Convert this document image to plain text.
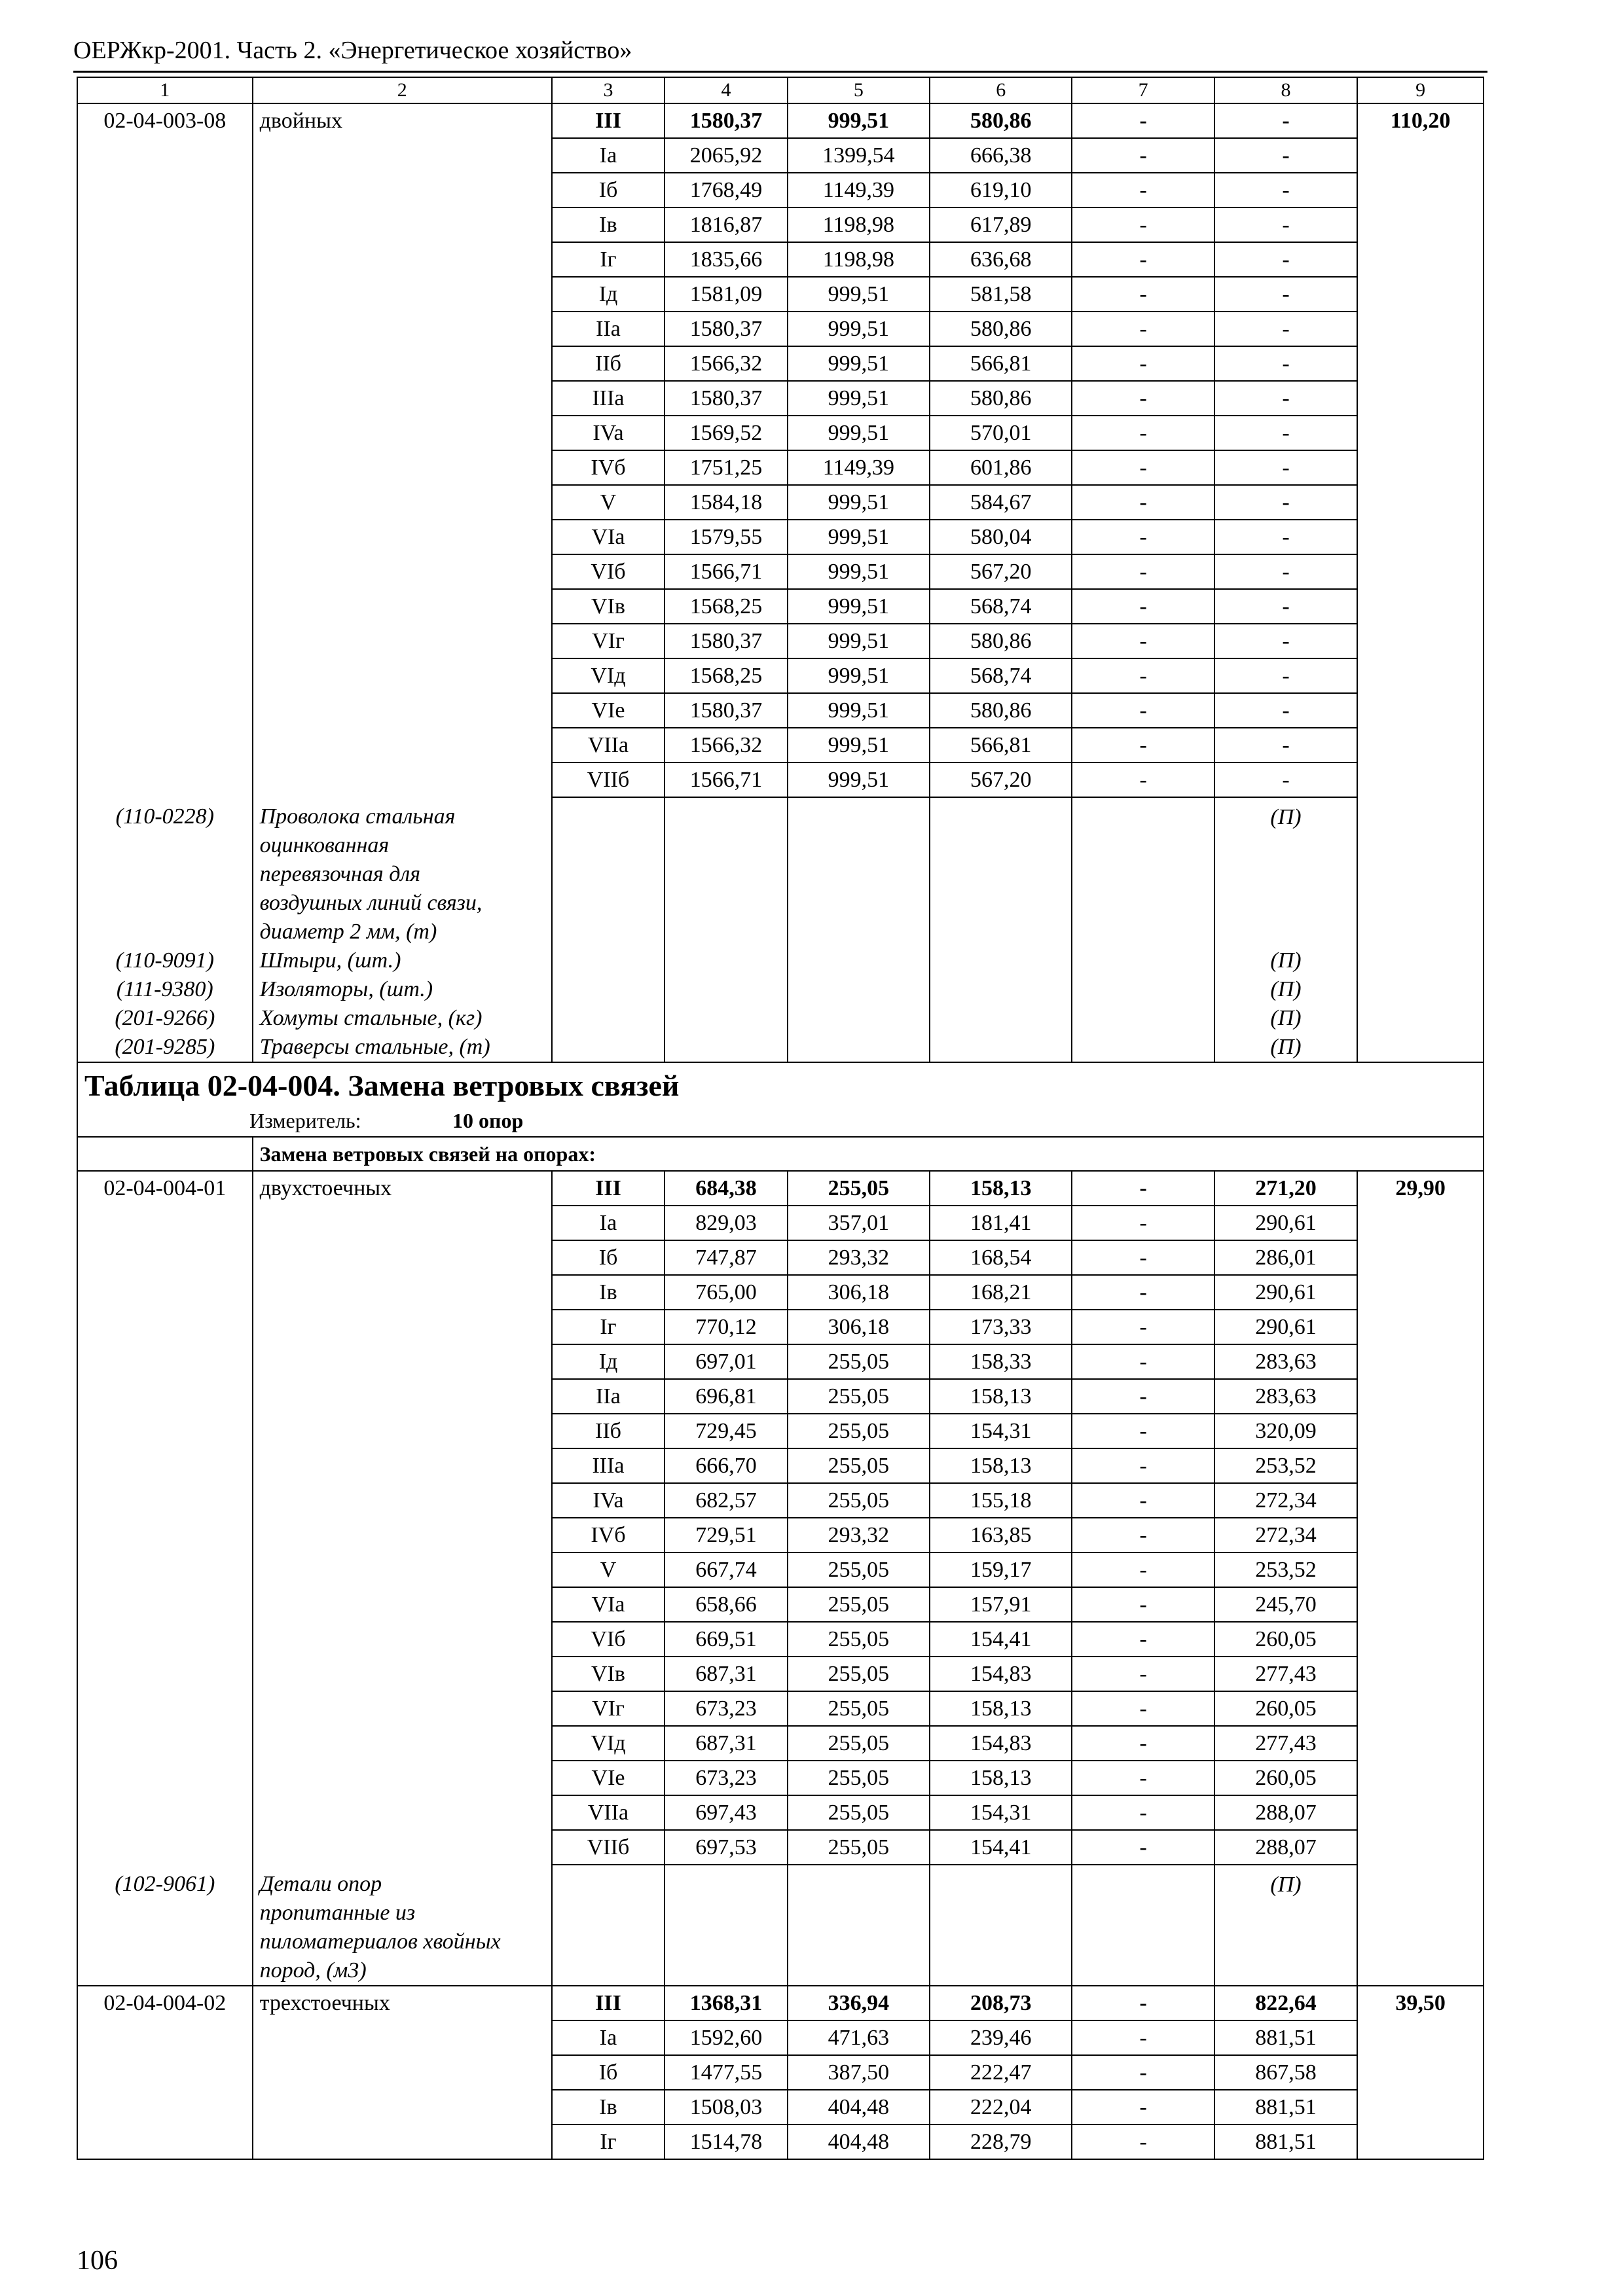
ОЕРЖкр-2001. Часть 2. «Энергетическое хозяйство»
1	2	3	4	5	6	7	8	9
02-04-003-08	двойных	III	1580,37	999,51	580,86	-	-	110,20
		Ia	2065,92	1399,54	666,38	-	-	
		Iб	1768,49	1149,39	619,10	-	-	
		Iв	1816,87	1198,98	617,89	-	-	
		Iг	1835,66	1198,98	636,68	-	-	
		Iд	1581,09	999,51	581,58	-	-	
		IIa	1580,37	999,51	580,86	-	-	
		IIб	1566,32	999,51	566,81	-	-	
		IIIa	1580,37	999,51	580,86	-	-	
		IVa	1569,52	999,51	570,01	-	-	
		IVб	1751,25	1149,39	601,86	-	-	
		V	1584,18	999,51	584,67	-	-	
		VIa	1579,55	999,51	580,04	-	-	
		VIб	1566,71	999,51	567,20	-	-	
		VIв	1568,25	999,51	568,74	-	-	
		VIг	1580,37	999,51	580,86	-	-	
		VIд	1568,25	999,51	568,74	-	-	
		VIe	1580,37	999,51	580,86	-	-	
		VIIa	1566,32	999,51	566,81	-	-	
		VIIб	1566,71	999,51	567,20	-	-	
(110-0228)	Проволока стальная
оцинкованная
перевязочная для
воздушных линий связи,
диаметр 2 мм, (т)						(П)	
(110-9091)	Штыри, (шт.)						(П)	
(111-9380)	Изоляторы, (шт.)						(П)	
(201-9266)	Хомуты стальные, (кг)						(П)	
(201-9285)	Траверсы стальные, (т)						(П)	

Таблица 02-04-004. Замена ветровых связей
Измеритель: 10 опор								

	Замена ветровых связей на опорах:							
02-04-004-01	двухстоечных	III	684,38	255,05	158,13	-	271,20	29,90
		Ia	829,03	357,01	181,41	-	290,61	
		Iб	747,87	293,32	168,54	-	286,01	
		Iв	765,00	306,18	168,21	-	290,61	
		Iг	770,12	306,18	173,33	-	290,61	
		Iд	697,01	255,05	158,33	-	283,63	
		IIa	696,81	255,05	158,13	-	283,63	
		IIб	729,45	255,05	154,31	-	320,09	
		IIIa	666,70	255,05	158,13	-	253,52	
		IVa	682,57	255,05	155,18	-	272,34	
		IVб	729,51	293,32	163,85	-	272,34	
		V	667,74	255,05	159,17	-	253,52	
		VIa	658,66	255,05	157,91	-	245,70	
		VIб	669,51	255,05	154,41	-	260,05	
		VIв	687,31	255,05	154,83	-	277,43	
		VIг	673,23	255,05	158,13	-	260,05	
		VIд	687,31	255,05	154,83	-	277,43	
		VIe	673,23	255,05	158,13	-	260,05	
		VIIa	697,43	255,05	154,31	-	288,07	
		VIIб	697,53	255,05	154,41	-	288,07	
(102-9061)	Детали опор
пропитанные из
пиломатериалов хвойных
пород, (м3)						(П)	
02-04-004-02	трехстоечных	III	1368,31	336,94	208,73	-	822,64	39,50
		Ia	1592,60	471,63	239,46	-	881,51	
		Iб	1477,55	387,50	222,47	-	867,58	
		Iв	1508,03	404,48	222,04	-	881,51	
		Iг	1514,78	404,48	228,79	-	881,51	
106
